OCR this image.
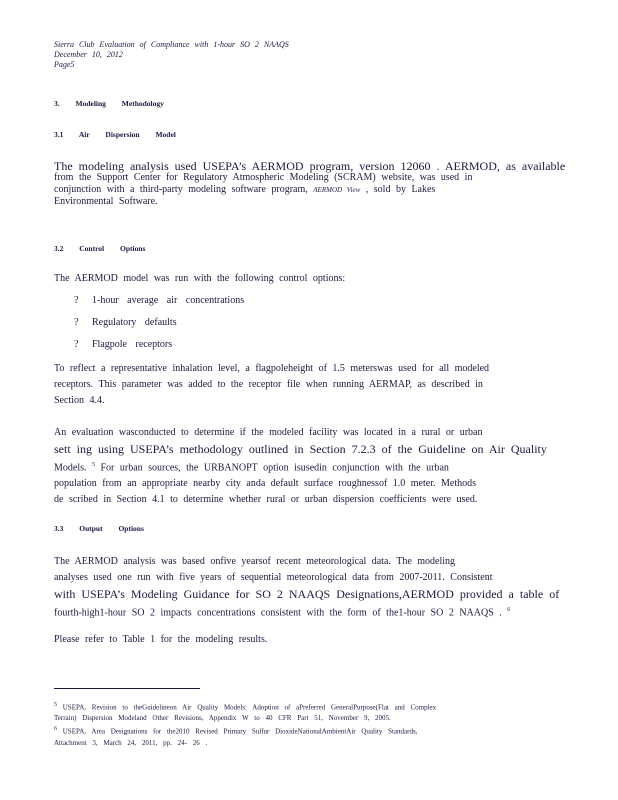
Sierra Club Evaluation of Compliance with 1-hour SO 2 NAAQS
December 10, 2012
Page5
3. Modeling Methodology
3.1 Air Dispersion Model
The modeling analysis used USEPA’s AERMOD program, version 12060 . AERMOD, as available
from the Support Center for Regulatory Atmospheric Modeling (SCRAM) website, was used in
conjunction with a third-party modeling software program, AERMOD View , sold by Lakes
Environmental Software.
3.2 Control Options
The AERMOD model was run with the following control options:
? 1-hour average air concentrations
? Regulatory defaults
? Flagpole receptors
To reflect a representative inhalation level, a flagpoleheight of 1.5 meterswas used for all modeled
receptors. This parameter was added to the receptor file when running AERMAP, as described in
Section 4.4.
An evaluation wasconducted to determine if the modeled facility was located in a rural or urban
sett ing using USEPA’s methodology outlined in Section 7.2.3 of the Guideline on Air Quality
Models. $^5$ For urban sources, the URBANOPT option isusedin conjunction with the urban
population from an appropriate nearby city anda default surface roughnessof 1.0 meter. Methods
de scribed in Section 4.1 to determine whether rural or urban dispersion coefficients were used.
3.3 Output Options
The AERMOD analysis was based onfive yearsof recent meteorological data. The modeling
analyses used one run with five years of sequential meteorological data from 2007-2011. Consistent
with USEPA’s Modeling Guidance for SO 2 NAAQS Designations,AERMOD provided a table of
fourth-high1-hour SO 2 impacts concentrations consistent with the form of the1-hour SO 2 NAAQS . $^6$
Please refer to Table 1 for the modeling results.
$^5$ USEPA, Revision to theGuidelineon Air Quality Models: Adoption of aPreferred GeneralPurpose(Flat and Complex
Terrain) Dispersion Modeland Other Revisions, Appendix W to 40 CFR Part 51, November 9, 2005.
$^6$ USEPA, Area Designations for the2010 Revised Primary Sulfur DioxideNationalAmbientAir Quality Standards,
Attachment 3, March 24, 2011, pp. 24- 26 .
